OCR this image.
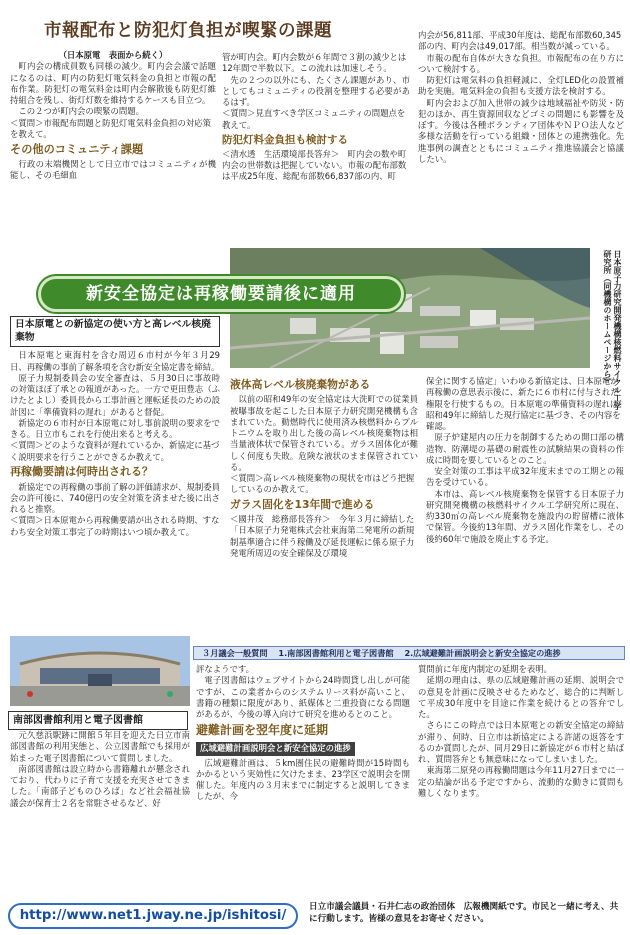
市報配布と防犯灯負担が喫緊の課題
（日本原電　表面から続く）

町内会の構成員数も同様の減少。町内会会議で話題になるのは、町内の防犯灯電気料金の負担と市報の配布作業。防犯灯の電気料金は町内会解散後も防犯灯維持組合を残し、街灯灯数を維持するケースも目立つ。

この２つが町内会の喫緊の問題。

＜質問＞市報配布問題と防犯灯電気料金負担の対応策を教えて。

その他のコミュニティ課題

行政の末端機関として日立市ではコミュニティが機能し、その毛細血

管が町内会。町内会数が６年間で３割の減少とは12年間で半数以下。この流れは加速しそう。

先の２つの以外にも、たくさん課題があり、市としてもコミュニティの役割を整理する必要があるはず。

＜質問＞見直すべき学区コミュニティの問題点を教えて。

防犯灯料金負担も検討する

＜清水透　生活環境部長答弁＞　町内会の数や町内会の世帯数は把握していない。市報の配布部数は平成25年度、総配布部数66,837部の内、町

内会が56,811部、平成30年度は、総配布部数60,345部の内、町内会は49,017部。相当数が減っている。

市報の配布自体が大きな負担。市報配布の在り方について検討する。

防犯灯は電気料の負担軽減に、全灯LED化の設置補助を実施。電気料金の負担も支援方法を検討する。

町内会および加入世帯の減少は地域福祉や防災・防犯のほか、再生資源回収などゴミの問題にも影響を及ぼす。今後は各種ボランティア団体やＮＰＯ法人など多様な活動を行っている組織・団体との連携強化。先進事例の調査とともにコミュニティ推進協議会と協議したい。

日本原子力研究開発機構核燃料サイクル工学研究所（同機構のホームページから）
新安全協定は再稼働要請後に適用
日本原電との新協定の使い方と高レベル核廃棄物

日本原電と東海村を含む周辺６市村が今年３月29日、再稼働の事前了解条項を含む新安全協定書を締結。

原子力規制委員会の安全審査は、５月30日に事故時の対策ほぼ了承との報道があった。一方で更田豊志（ふけたとよし）委員長から工事計画と運転延長のための設計図に「準備資料の遅れ」があると督促。

新協定の６市村が日本原電に対し事前説明の要求をできる。日立市もこれを行使出来ると考える。

＜質問＞どのような資料が遅れているか、新協定に基づく説明要求を行うことができるか教えて。

再稼働要請は何時出される？

新協定での再稼働の事前了解の評価請求が、規制委員会の許可後に、740億円の安全対策を済ませた後に出されると推察。

＜質問＞日本原電から再稼働要請が出される時期、すなわち安全対策工事完了の時期はいつ頃か教えて。

液体高レベル核廃棄物がある

以前の昭和49年の安全協定は大洗町での従業員被曝事故を起こした日本原子力研究開発機構も含まれていた。動燃時代に使用済み核燃料からプルトニウムを取り出した後の高レベル核廃棄物は相当量液体状で保管されている。ガラス固体化が難しく何度も失敗。危険な液状のまま保管されている。

＜質問＞高レベル核廃棄物の現状を市はどう把握しているのか教えて。

ガラス固化を13年間で進める

＜國井茂　総務部長答弁＞　今年３月に締結した「日本原子力発電株式会社東海第二発電所の新規制基準適合に伴う稼働及び延長運転に係る原子力発電所周辺の安全確保及び環境

保全に関する協定」いわゆる新協定は、日本原電が再稼働の意思表示後に、新たに６市村に付与された権限を行使するもの。日本原電の準備資料の遅れは昭和49年に締結した現行協定に基づき、その内容を確認。

原子炉建屋内の圧力を制御するための開口部の構造物、防潮堤の基礎の耐震性の試験結果の資料の作成に時間を要しているとのこと。

安全対策の工事は平成32年度末までの工期との報告を受けている。

本市は、高レベル核廃棄物を保管する日本原子力研究開発機構の核燃料サイクル工学研究所に現在、約330㎥の高レベル廃棄物を施設内の貯留槽に液体で保管。今後約13年間、ガラス固化作業をし、その後約60年で施設を廃止する予定。

３月議会一般質問 1.南部図書館利用と電子図書館 2.広域避難計画説明会と新安全協定の進捗
南部図書館利用と電子図書館

元久慈浜駅跡に開館５年目を迎えた日立市南部図書館の利用実態と、公立図書館でも採用が始まった電子図書館について質問しました。

南部図書館は設立時から書籍離れが懸念されており、代わりに子育て支援を充実させてきました。「南部子どものひろば」など社会福祉協議会が保育士２名を常駐させるなど、好

評なようです。

電子図書館はウェブサイトから24時間貸し出しが可能ですが、この業者からのシステムリース料が高いこと、書籍の種類に限度があり、紙媒体と二重投資になる問題があるが、今後の導入向けて研究を進めるとのこと。

避難計画を翌年度に延期
広域避難計画説明会と新安全協定の進捗

広域避難計画は、５km圏住民の避難時間が15時間もかかるという実効性に欠けたまま、23学区で説明会を開催した。年度内の３月末までに制定すると説明してきましたが、今

質問前に年度内制定の延期を表明。

延期の理由は、県の広域避難計画の延期、説明会での意見を計画に反映させるためなど、総合的に判断して平成30年度中を目途に作業を続けるとの答弁でした。

さらにこの時点では日本原電との新安全協定の締結が滞り、何時、日立市は新協定による許諾の返答をするのか質問したが、同月29日に新協定が６市村と結ばれ、質問答弁とも無意味になってしまいました。

東海第二原発の再稼働問題は今年11月27日までに一定の結論が出る予定ですから、流動的な動きに質問も難しくなります。

http://www.net1.jway.ne.jp/ishitosi/
日立市議会議員・石井仁志の政治団体　広報機関紙です。市民と一緒に考え、共に行動します。皆様の意見をお寄せください。
